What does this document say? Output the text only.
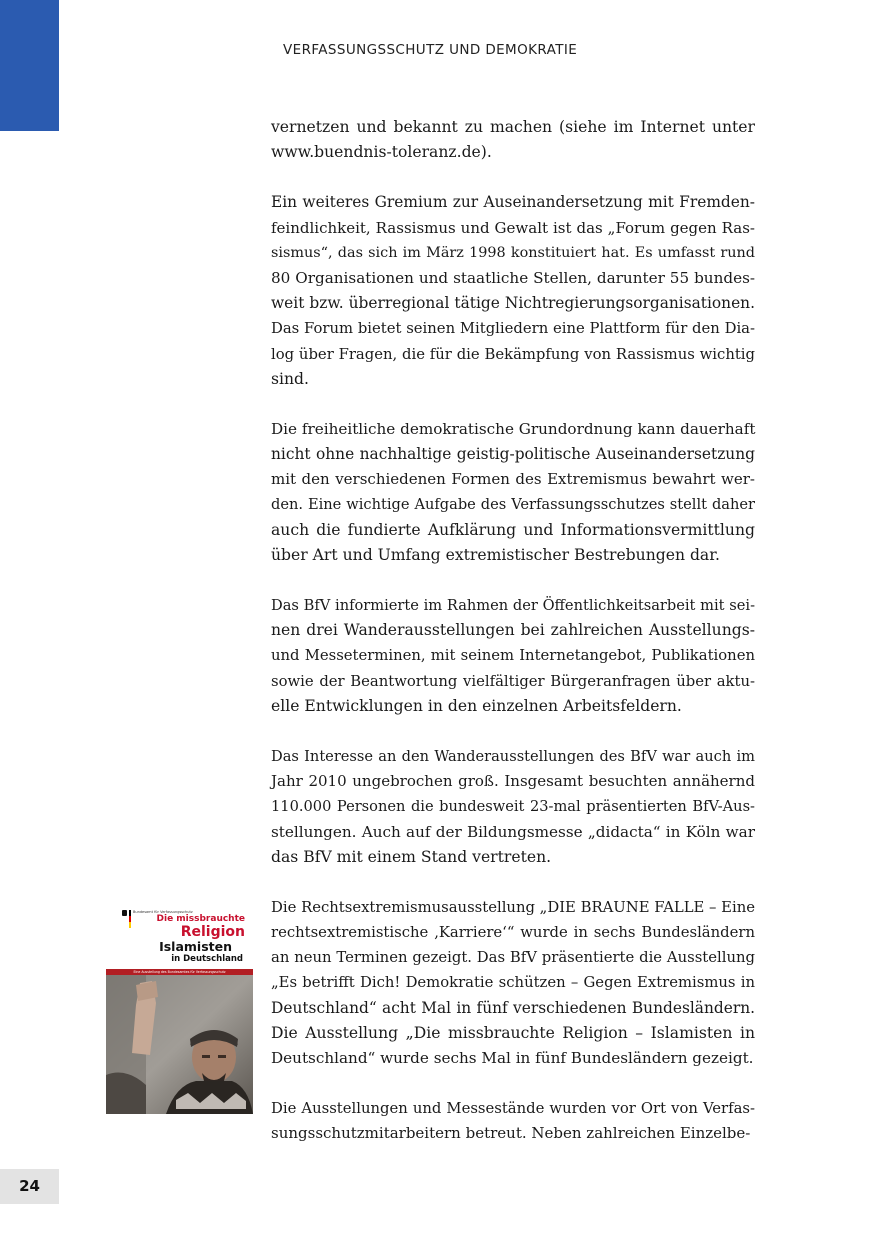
VERFASSUNGSSCHUTZ UND DEMOKRATIE
vernetzen und bekannt zu machen (siehe im Internet unter
www.buendnis-toleranz.de).
Ein weiteres Gremium zur Auseinandersetzung mit Fremden-
feindlichkeit, Rassismus und Gewalt ist das „Forum gegen Ras-
sismus“, das sich im März 1998 konstituiert hat. Es umfasst rund
80 Organisationen und staatliche Stellen, darunter 55 bundes-
weit bzw. überregional tätige Nichtregierungsorganisationen.
Das Forum bietet seinen Mitgliedern eine Plattform für den Dia-
log über Fragen, die für die Bekämpfung von Rassismus wichtig
sind.
Die freiheitliche demokratische Grundordnung kann dauerhaft
nicht ohne nachhaltige geistig-politische Auseinandersetzung
mit den verschiedenen Formen des Extremismus bewahrt wer-
den. Eine wichtige Aufgabe des Verfassungsschutzes stellt daher
auch die fundierte Aufklärung und Informationsvermittlung
über Art und Umfang extremistischer Bestrebungen dar.
Das BfV informierte im Rahmen der Öffentlichkeitsarbeit mit sei-
nen drei Wanderausstellungen bei zahlreichen Ausstellungs-
und Messeterminen, mit seinem Internetangebot, Publikationen
sowie der Beantwortung vielfältiger Bürgeranfragen über aktu-
elle Entwicklungen in den einzelnen Arbeitsfeldern.
Das Interesse an den Wanderausstellungen des BfV war auch im
Jahr 2010 ungebrochen groß. Insgesamt besuchten annähernd
110.000 Personen die bundesweit 23-mal präsentierten BfV-Aus-
stellungen. Auch auf der Bildungsmesse „didacta“ in Köln war
das BfV mit einem Stand vertreten.
Die Rechtsextremismusausstellung „DIE BRAUNE FALLE – Eine
rechtsextremistische ‚Karriere‘“ wurde in sechs Bundesländern
an neun Terminen gezeigt. Das BfV präsentierte die Ausstellung
„Es betrifft Dich! Demokratie schützen – Gegen Extremismus in
Deutschland“ acht Mal in fünf verschiedenen Bundesländern.
Die Ausstellung „Die missbrauchte Religion – Islamisten in
Deutschland“ wurde sechs Mal in fünf Bundesländern gezeigt.
Die Ausstellungen und Messestände wurden vor Ort von Verfas-
sungsschutzmitarbeitern betreut. Neben zahlreichen Einzelbe-
Bundesamt für Verfassungsschutz
Die missbrauchte
Religion
Islamisten
in Deutschland
Eine Ausstellung des Bundesamtes für Verfassungsschutz
24
